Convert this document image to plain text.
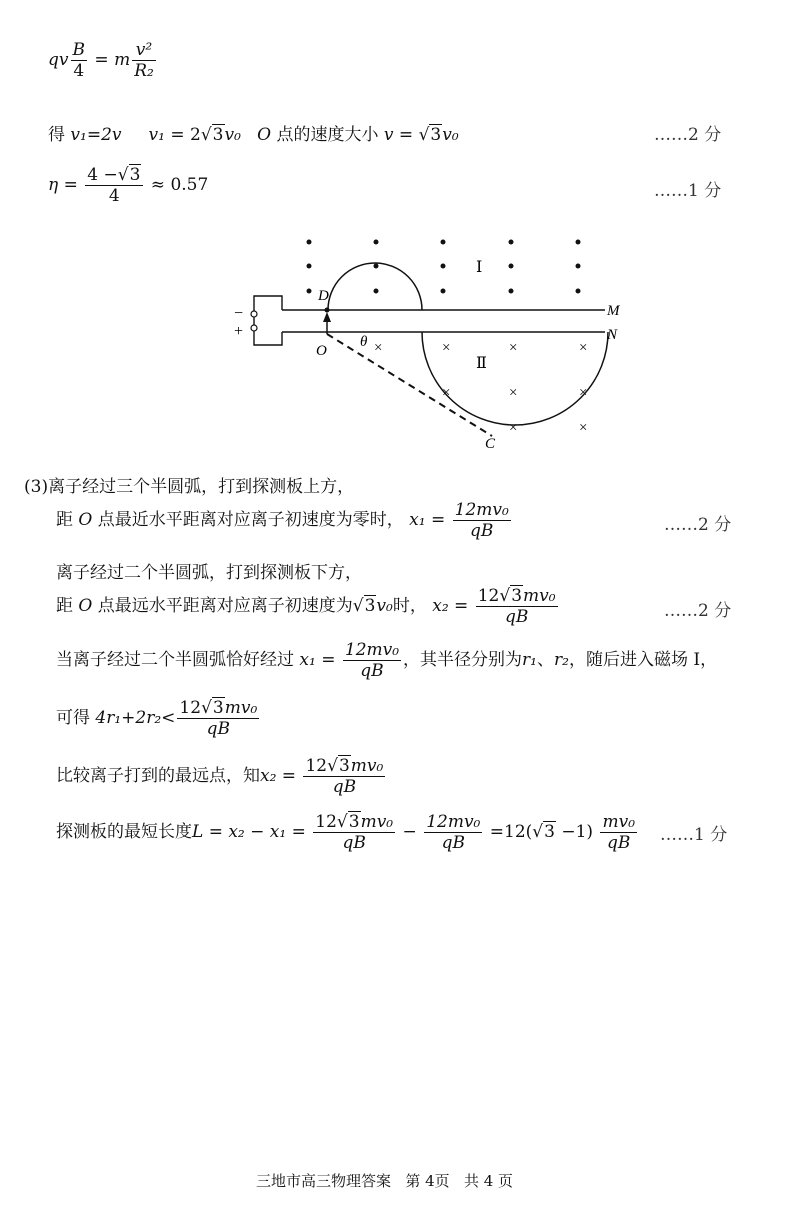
qv $\frac{B}{4} = m \frac{\text{v²}}{\text{R₂}}$
得 v₁=2v v₁ = 2√3v₀ O 点的速度大小 v = √3v₀	……2 分
$\eta = \frac{4 -√3}{4} \approx 0.57$	……1 分
−
+
M
N
D
O
θ
C
Ⅰ
Ⅱ
×	×	×	×
×	×	×
×	×
(3)离子经过三个半圆弧，打到探测板上方，
距 O 点最近水平距离对应离子初速度为零时， $x_1 = \frac{\text{12mv₀}}{qB}$	……2 分
离子经过二个半圆弧，打到探测板下方，
距 O 点最远水平距离对应离子初速度为√3v₀时， $x_2 = \frac{\text{12√3mv₀}}{qB}$	……2 分
当离子经过二个半圆弧恰好经过 $x_1 = \frac{\text{12mv₀}}{qB}$ ，其半径分别为r₁、r₂，随后进入磁场 I，
可得 $4r_1+2r_2< \frac{\text{12√3mv₀}}{qB}$
比较离子打到的最远点，知$x_2 = \frac{\text{12√3mv₀}}{qB}$
探测板的最短长度$L = x_2 - x_1 = \frac{\text{12√3mv₀}}{qB} - \frac{\text{12mv₀}}{qB} =12(√3 -1) \frac{\text{mv₀}}{qB}$ ……1 分
三地市高三物理答案 第 4页 共 4 页
